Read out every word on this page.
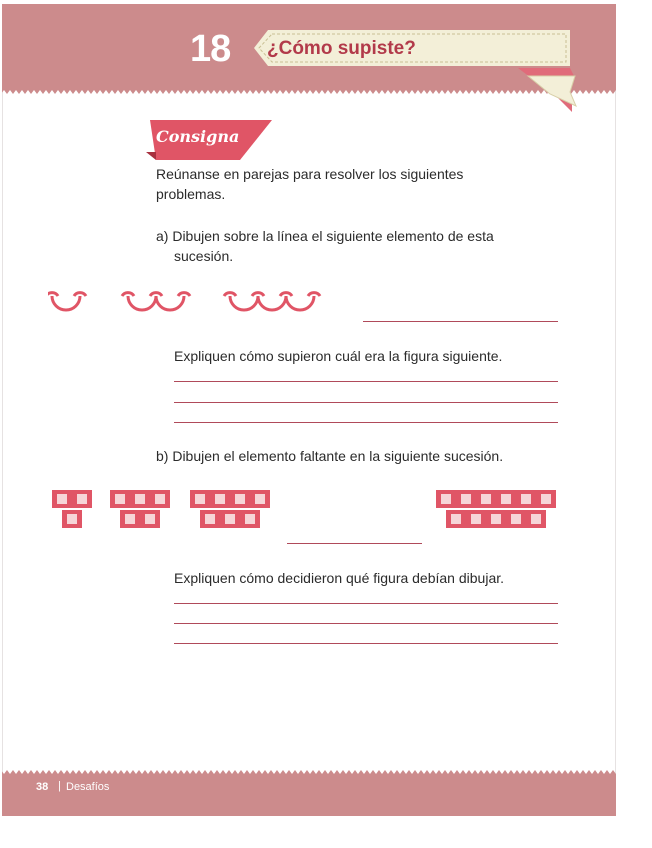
18 ¿Cómo supiste?
Consigna

Reúnanse en parejas para resolver los siguientes problemas.

a) Dibujen sobre la línea el siguiente elemento de esta sucesión.

Expliquen cómo supieron cuál era la figura siguiente.

b) Dibujen el elemento faltante en la siguiente sucesión.

Expliquen cómo decidieron qué figura debían dibujar.

38 | Desafíos
